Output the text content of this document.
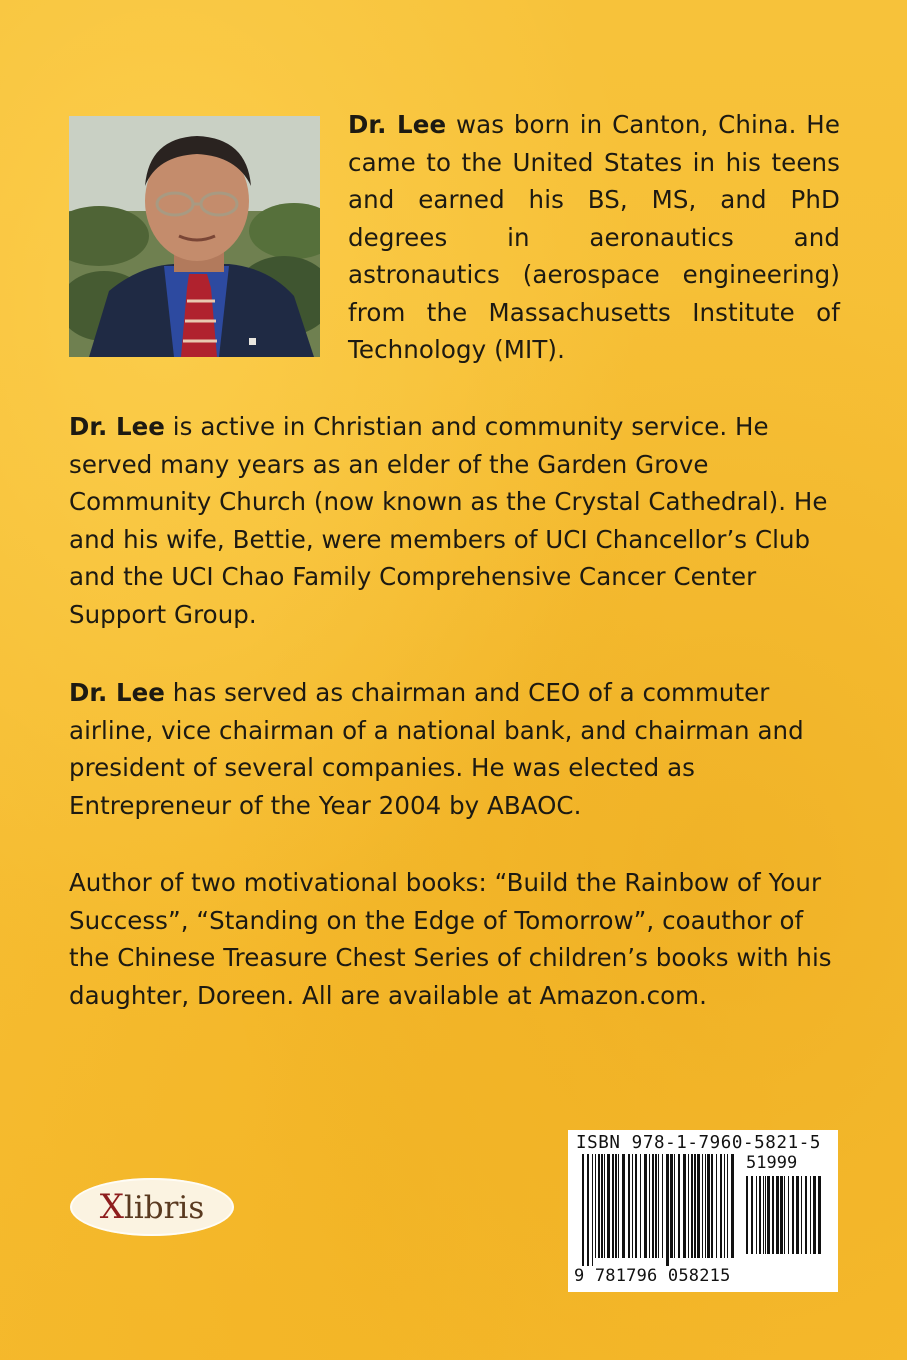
Dr. Lee was born in Canton, China. He came to the United States in his teens and earned his BS, MS, and PhD degrees in aeronautics and astronautics (aerospace engineering) from the Massachusetts Institute of Technology (MIT).

Dr. Lee is active in Christian and community service. He served many years as an elder of the Garden Grove Community Church (now known as the Crystal Cathedral). He and his wife, Bettie, were members of UCI Chancellor’s Club and the UCI Chao Family Comprehensive Cancer Center Support Group.

Dr. Lee has served as chairman and CEO of a commuter airline, vice chairman of a national bank, and chairman and president of several companies. He was elected as Entrepreneur of the Year 2004 by ABAOC.

Author of two motivational books: “Build the Rainbow of Your Success”, “Standing on the Edge of Tomorrow”, coauthor of the Chinese Treasure Chest Series of children’s books with his daughter, Doreen. All are available at Amazon.com.

Xlibris
ISBN 978-1-7960-5821-5
51999
9 781796 058215
